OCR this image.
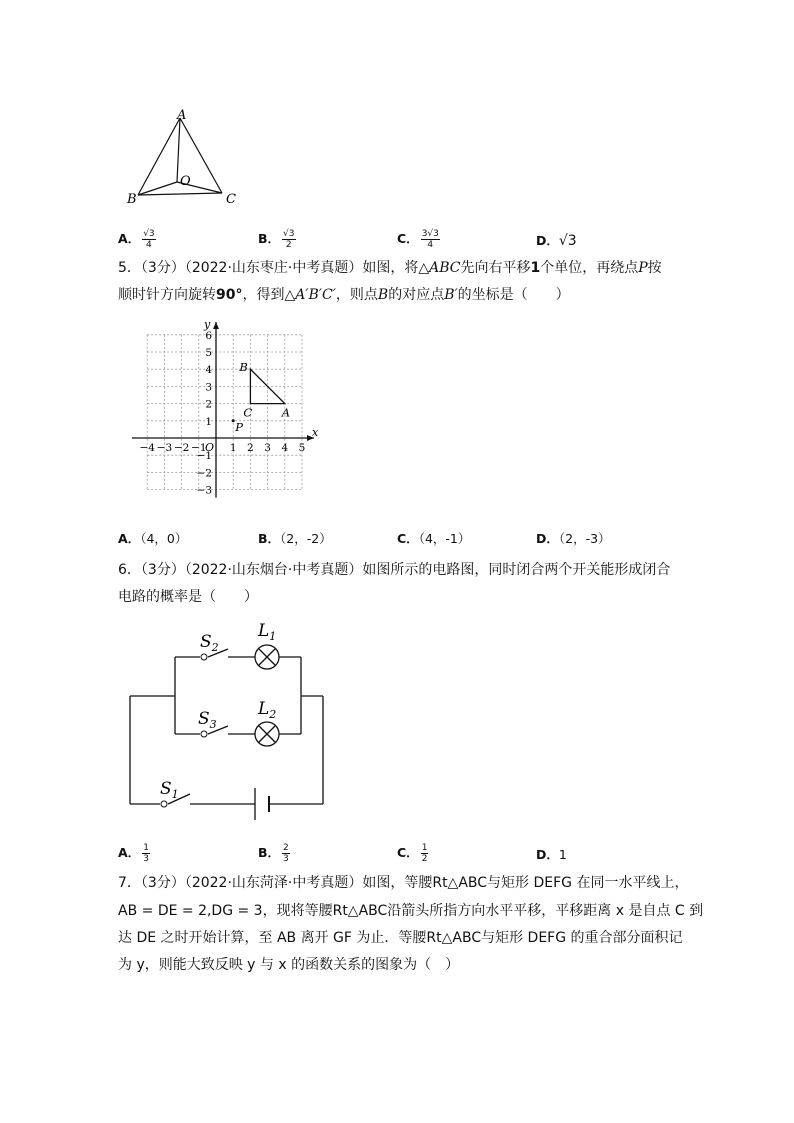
A
B	C
O
A． $\frac{√3}{4}$	B． $\frac{√3}{2}$	C． $\frac{3√3}{4}$	D．√3
5．（3分）（2022·山东枣庄·中考真题）如图，将△ABC先向右平移1个单位，再绕点P按
顺时针方向旋转90°，得到△A′B′C′，则点B的对应点B′的坐标是（　　）
−4 −3 −2 −1 1 2 3 4 5
6
5
4
3
2
1
−1
−2
−3
O
x
y
A
B
C
P
A．（4，0）	B．（2，-2）	C．（4，-1）	D．（2，-3）
6．（3分）（2022·山东烟台·中考真题）如图所示的电路图，同时闭合两个开关能形成闭合
电路的概率是（　　）
$S_2$
$L_1$
$S_3$
$L_2$
$S_1$
A． $\frac{1}{3}$	B． $\frac{2}{3}$	C． $\frac{1}{2}$	D．1
7．（3分）（2022·山东菏泽·中考真题）如图，等腰Rt△ABC与矩形 DEFG 在同一水平线上，
AB = DE = 2,DG = 3，现将等腰Rt△ABC沿箭头所指方向水平平移，平移距离 x 是自点 C 到
达 DE 之时开始计算，至 AB 离开 GF 为止．等腰Rt△ABC与矩形 DEFG 的重合部分面积记
为 y，则能大致反映 y 与 x 的函数关系的图象为（　）
